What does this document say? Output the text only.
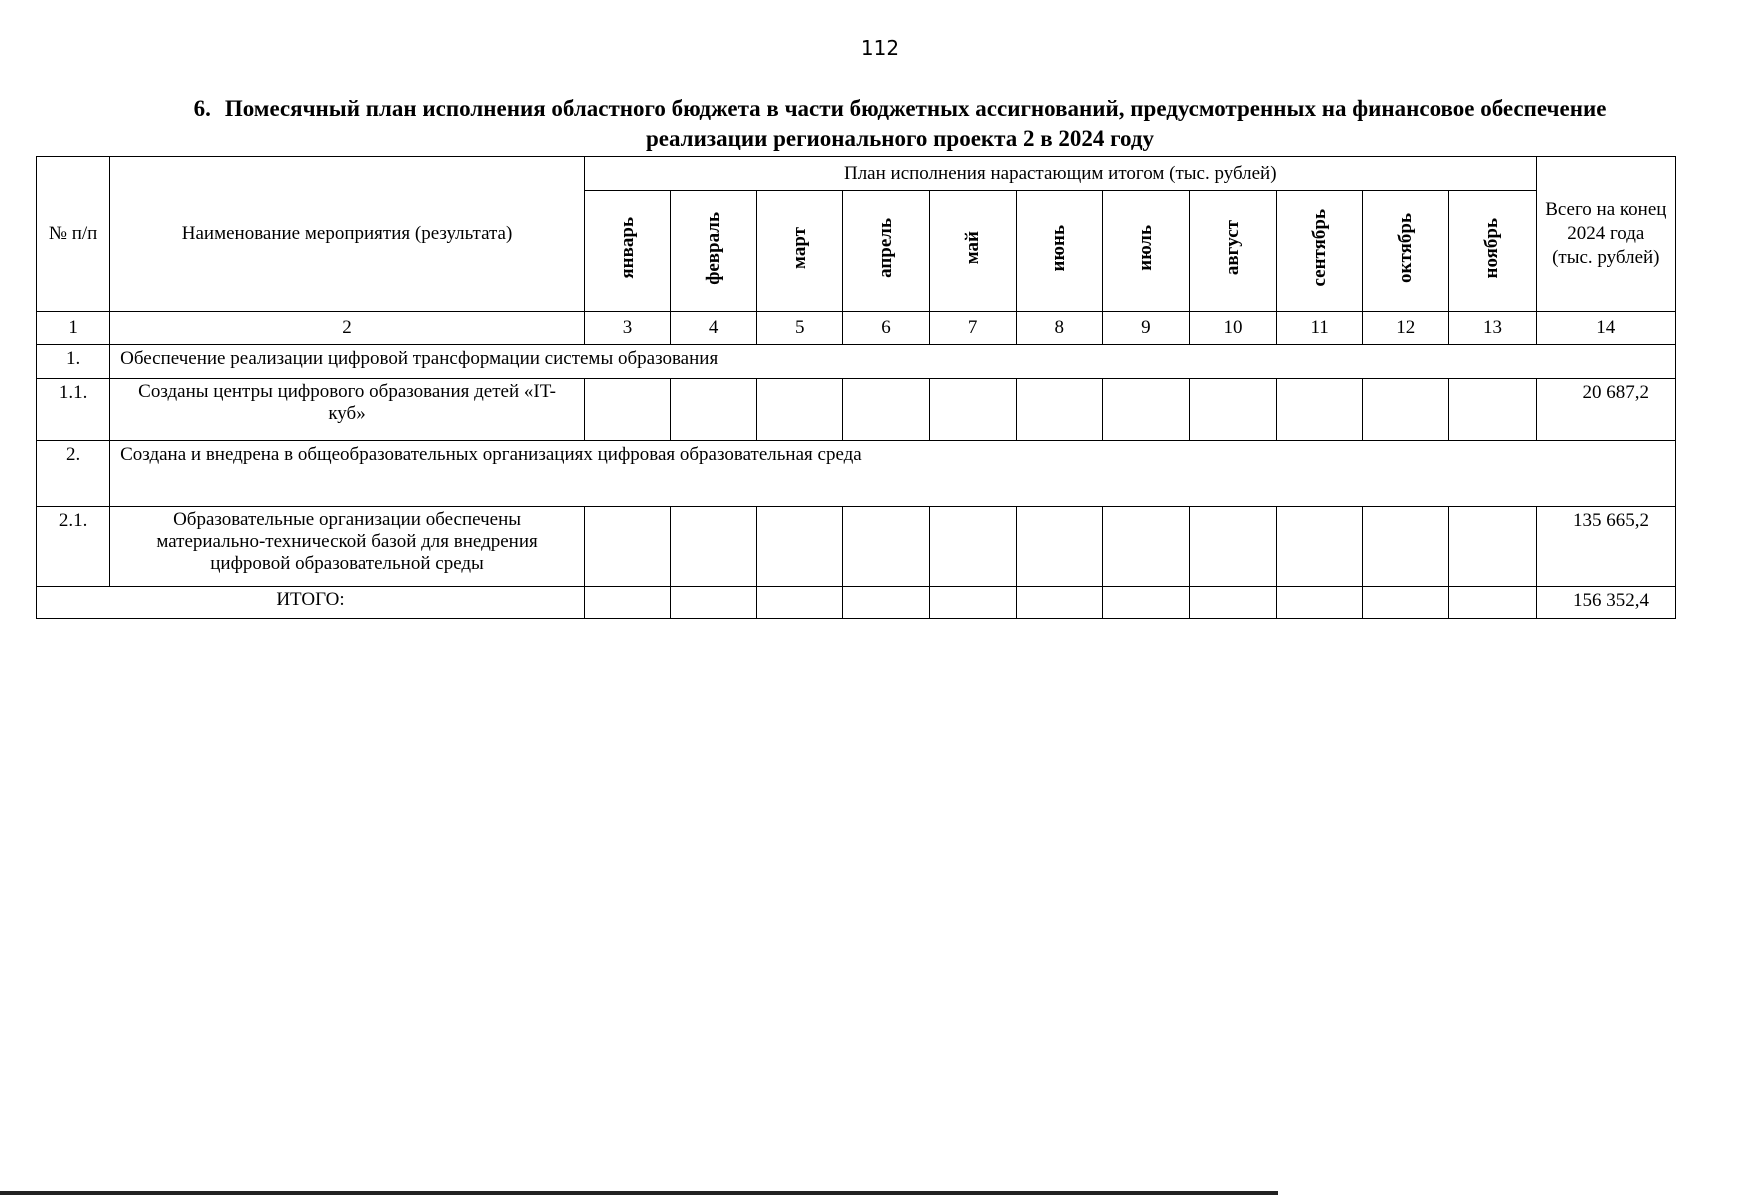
112
6. Помесячный план исполнения областного бюджета в части бюджетных ассигнований, предусмотренных на финансовое обеспечение
реализации регионального проекта 2 в 2024 году
№ п/п	Наименование мероприятия (результата)	План исполнения нарастающим итогом (тыс. рублей)											Всего на конец 2024 года (тыс. рублей)
		январь	февраль	март	апрель	май	июнь	июль	август	сентябрь	октябрь	ноябрь	
1	2	3	4	5	6	7	8	9	10	11	12	13	14
1.	Обеспечение реализации цифровой трансформации системы образования												
1.1.	Созданы центры цифрового образования детей «IT-куб»												20 687,2
2.	Создана и внедрена в общеобразовательных организациях цифровая образовательная среда												
2.1.	Образовательные организации обеспечены материально-технической базой для внедрения цифровой образовательной среды												135 665,2
ИТОГО:													156 352,4
